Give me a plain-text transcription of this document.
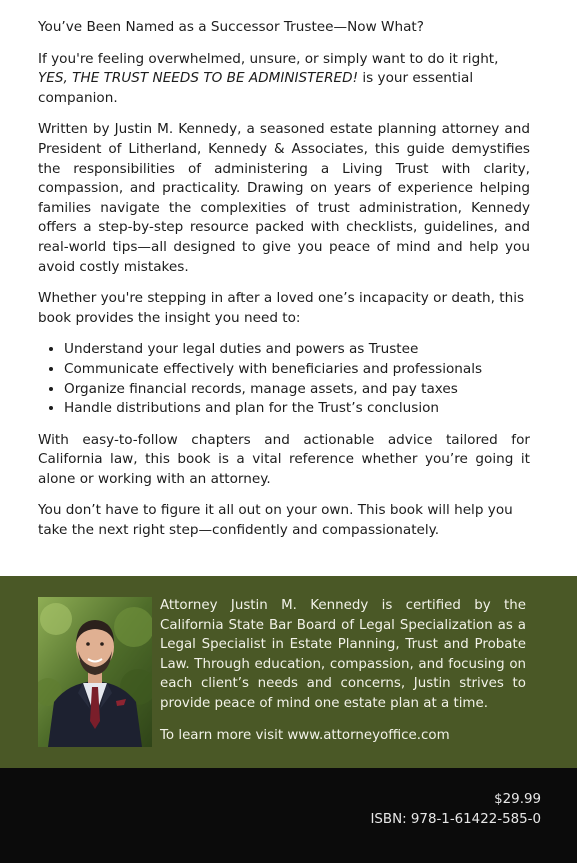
You’ve Been Named as a Successor Trustee—Now What?

If you're feeling overwhelmed, unsure, or simply want to do it right, YES, THE TRUST NEEDS TO BE ADMINISTERED! is your essential companion.

Written by Justin M. Kennedy, a seasoned estate planning attorney and President of Litherland, Kennedy & Associates, this guide demystifies the responsibilities of administering a Living Trust with clarity, compassion, and practicality. Drawing on years of experience helping families navigate the complexities of trust administration, Kennedy offers a step-by-step resource packed with checklists, guidelines, and real-world tips—all designed to give you peace of mind and help you avoid costly mistakes.

Whether you're stepping in after a loved one’s incapacity or death, this book provides the insight you need to:

• Understand your legal duties and powers as Trustee
• Communicate effectively with beneficiaries and professionals
• Organize financial records, manage assets, and pay taxes
• Handle distributions and plan for the Trust’s conclusion

With easy-to-follow chapters and actionable advice tailored for California law, this book is a vital reference whether you’re going it alone or working with an attorney.

You don’t have to figure it all out on your own. This book will help you take the next right step—confidently and compassionately.

Attorney Justin M. Kennedy is certified by the California State Bar Board of Legal Specialization as a Legal Specialist in Estate Planning, Trust and Probate Law. Through education, compassion, and focusing on each client’s needs and concerns, Justin strives to provide peace of mind one estate plan at a time.

To learn more visit www.attorneyoffice.com

$29.99
ISBN: 978-1-61422-585-0
